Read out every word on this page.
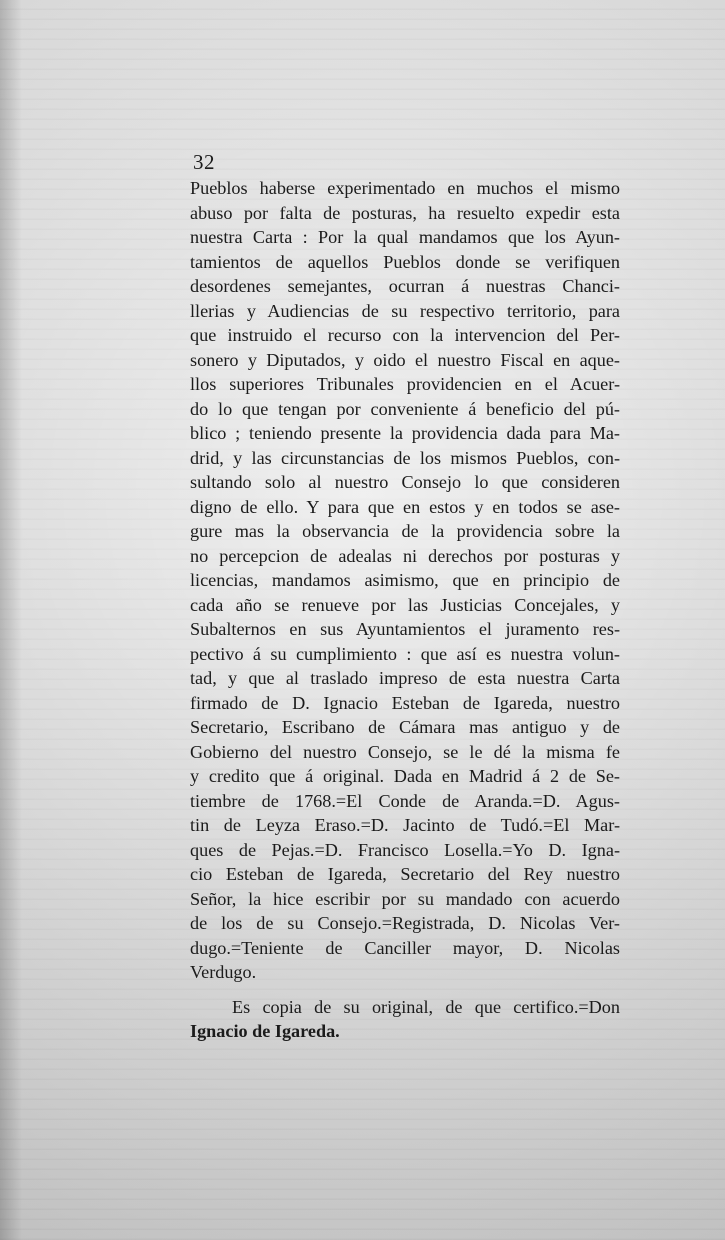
32
Pueblos haberse experimentado en muchos el mismo
abuso por falta de posturas, ha resuelto expedir esta
nuestra Carta : Por la qual mandamos que los Ayun-
tamientos de aquellos Pueblos donde se verifiquen
desordenes semejantes, ocurran á nuestras Chanci-
llerias y Audiencias de su respectivo territorio, para
que instruido el recurso con la intervencion del Per-
sonero y Diputados, y oido el nuestro Fiscal en aque-
llos superiores Tribunales providencien en el Acuer-
do lo que tengan por conveniente á beneficio del pú-
blico ; teniendo presente la providencia dada para Ma-
drid, y las circunstancias de los mismos Pueblos, con-
sultando solo al nuestro Consejo lo que consideren
digno de ello. Y para que en estos y en todos se ase-
gure mas la observancia de la providencia sobre la
no percepcion de adealas ni derechos por posturas y
licencias, mandamos asimismo, que en principio de
cada año se renueve por las Justicias Concejales, y
Subalternos en sus Ayuntamientos el juramento res-
pectivo á su cumplimiento : que así es nuestra volun-
tad, y que al traslado impreso de esta nuestra Carta
firmado de D. Ignacio Esteban de Igareda, nuestro
Secretario, Escribano de Cámara mas antiguo y de
Gobierno del nuestro Consejo, se le dé la misma fe
y credito que á original. Dada en Madrid á 2 de Se-
tiembre de 1768.=El Conde de Aranda.=D. Agus-
tin de Leyza Eraso.=D. Jacinto de Tudó.=El Mar-
ques de Pejas.=D. Francisco Losella.=Yo D. Igna-
cio Esteban de Igareda, Secretario del Rey nuestro
Señor, la hice escribir por su mandado con acuerdo
de los de su Consejo.=Registrada, D. Nicolas Ver-
dugo.=Teniente de Canciller mayor, D. Nicolas
Verdugo.
Es copia de su original, de que certifico.=Don
Ignacio de Igareda.
